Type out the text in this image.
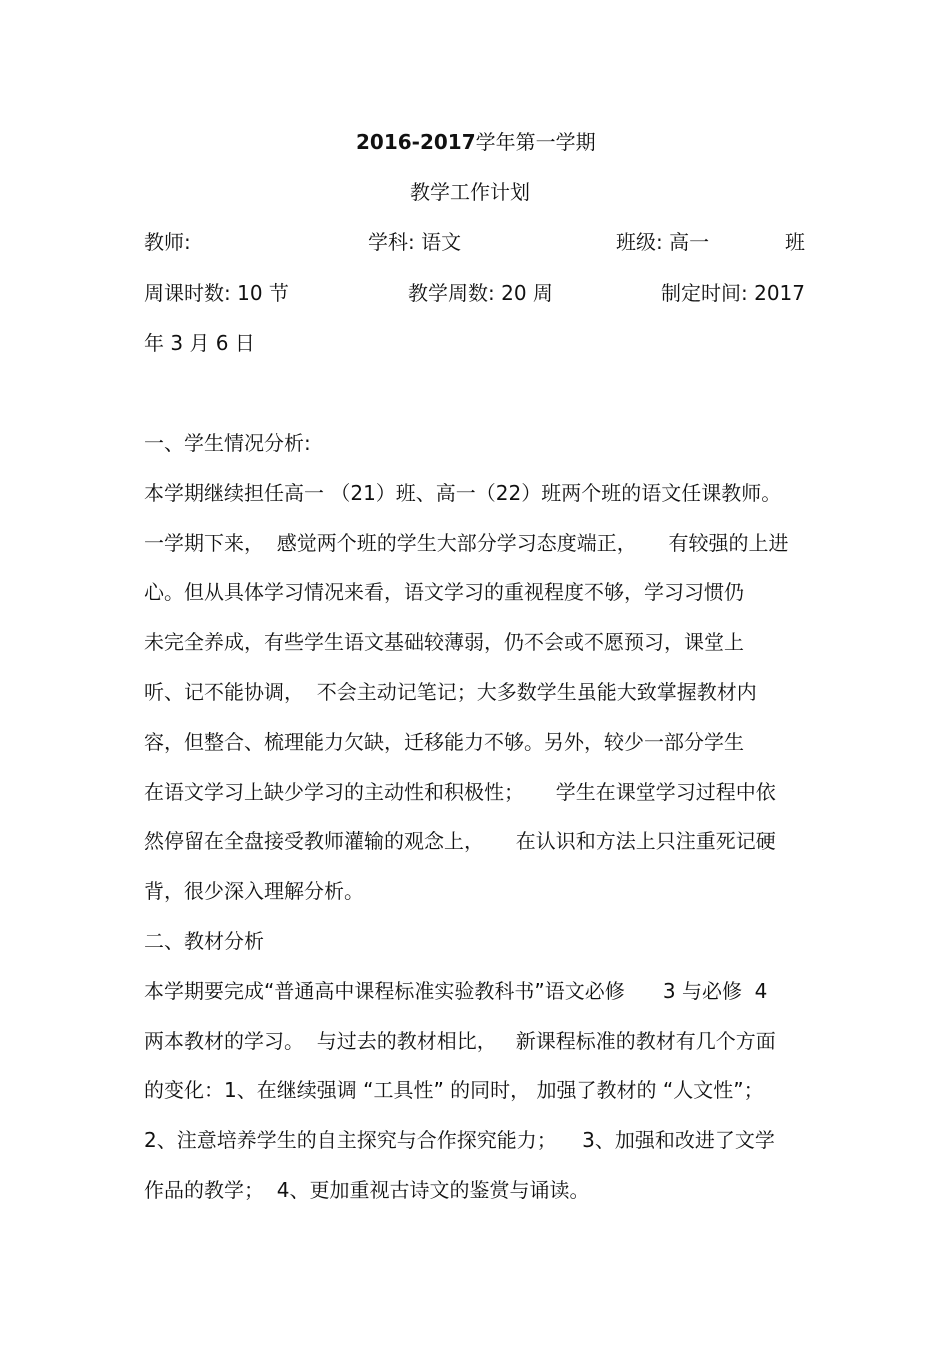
2016-2017学年第一学期
教学工作计划
教师:	学科: 语文	班级: 高一	班
周课时数: 10 节	教学周数: 20 周	制定时间: 2017
年 3 月 6 日
一、学生情况分析:
本学期继续担任高一 （21）班、高一（22）班两个班的语文任课教师。
一学期下来，  感觉两个班的学生大部分学习态度端正，     有较强的上进
心。但从具体学习情况来看，语文学习的重视程度不够，学习习惯仍
未完全养成，有些学生语文基础较薄弱，仍不会或不愿预习，课堂上
听、记不能协调，  不会主动记笔记；大多数学生虽能大致掌握教材内
容，但整合、梳理能力欠缺，迁移能力不够。另外，较少一部分学生
在语文学习上缺少学习的主动性和积极性；     学生在课堂学习过程中依
然停留在全盘接受教师灌输的观念上，     在认识和方法上只注重死记硬
背，很少深入理解分析。
二、教材分析
本学期要完成“普通高中课程标准实验教科书”语文必修      3 与必修  4
两本教材的学习。  与过去的教材相比，   新课程标准的教材有几个方面
的变化：1、在继续强调 “工具性” 的同时， 加强了教材的 “人文性”；
2、注意培养学生的自主探究与合作探究能力；    3、加强和改进了文学
作品的教学；  4、更加重视古诗文的鉴赏与诵读。
